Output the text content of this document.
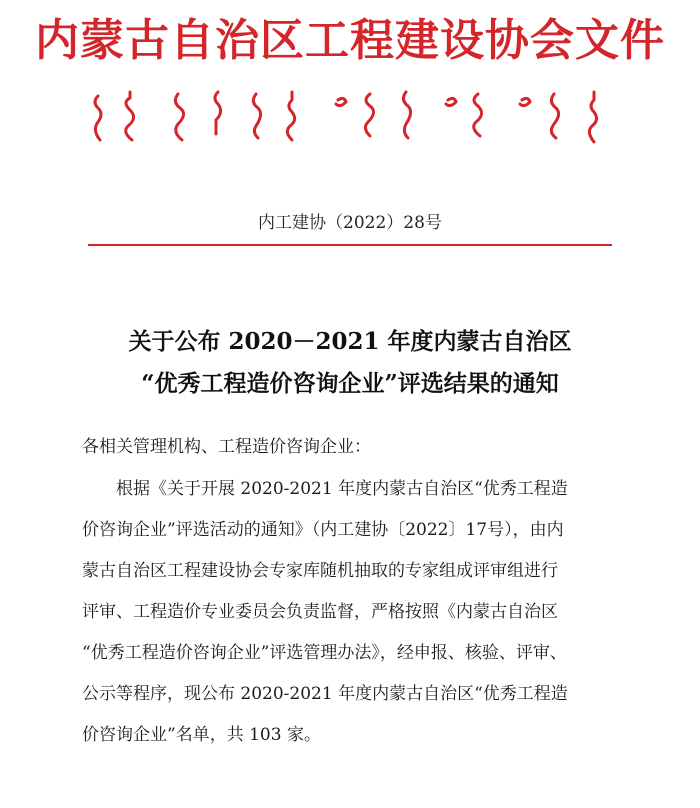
内蒙古自治区工程建设协会文件
内工建协（2022）28号
关于公布 2020－2021 年度内蒙古自治区
“优秀工程造价咨询企业”评选结果的通知
各相关管理机构、工程造价咨询企业：
根据《关于开展 2020-2021 年度内蒙古自治区“优秀工程造
价咨询企业”评选活动的通知》（内工建协〔2022〕17号），由内
蒙古自治区工程建设协会专家库随机抽取的专家组成评审组进行
评审、工程造价专业委员会负责监督，严格按照《内蒙古自治区
“优秀工程造价咨询企业”评选管理办法》，经申报、核验、评审、
公示等程序，现公布 2020-2021 年度内蒙古自治区“优秀工程造
价咨询企业”名单，共 103 家。
